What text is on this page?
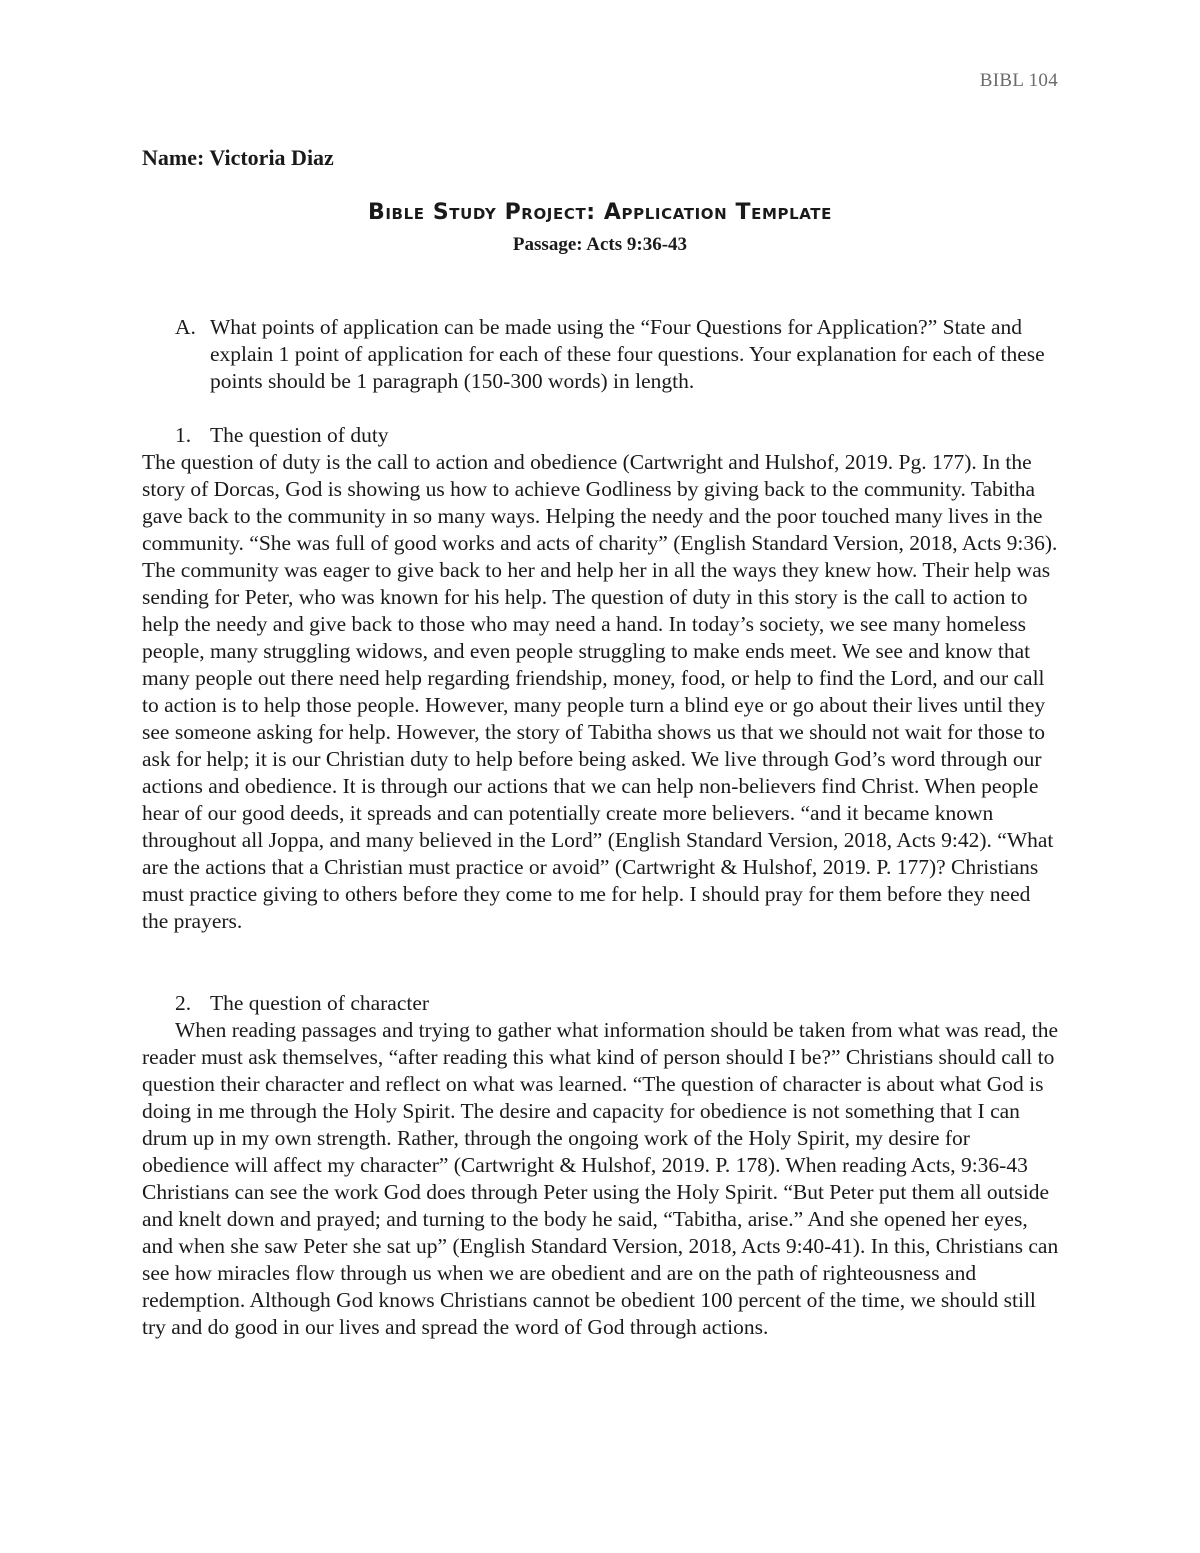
BIBL 104
Name: Victoria Diaz
Bible Study Project: Application Template
Passage: Acts 9:36-43
A. What points of application can be made using the “Four Questions for Application?” State and explain 1 point of application for each of these four questions. Your explanation for each of these points should be 1 paragraph (150-300 words) in length.
1. The question of duty

The question of duty is the call to action and obedience (Cartwright and Hulshof, 2019. Pg. 177). In the story of Dorcas, God is showing us how to achieve Godliness by giving back to the community. Tabitha gave back to the community in so many ways. Helping the needy and the poor touched many lives in the community. “She was full of good works and acts of charity” (English Standard Version, 2018, Acts 9:36). The community was eager to give back to her and help her in all the ways they knew how. Their help was sending for Peter, who was known for his help. The question of duty in this story is the call to action to help the needy and give back to those who may need a hand. In today’s society, we see many homeless people, many struggling widows, and even people struggling to make ends meet. We see and know that many people out there need help regarding friendship, money, food, or help to find the Lord, and our call to action is to help those people. However, many people turn a blind eye or go about their lives until they see someone asking for help. However, the story of Tabitha shows us that we should not wait for those to ask for help; it is our Christian duty to help before being asked. We live through God’s word through our actions and obedience. It is through our actions that we can help non-believers find Christ. When people hear of our good deeds, it spreads and can potentially create more believers. “and it became known throughout all Joppa, and many believed in the Lord” (English Standard Version, 2018, Acts 9:42). “What are the actions that a Christian must practice or avoid” (Cartwright & Hulshof, 2019. P. 177)? Christians must practice giving to others before they come to me for help. I should pray for them before they need the prayers.

2. The question of character

When reading passages and trying to gather what information should be taken from what was read, the reader must ask themselves, “after reading this what kind of person should I be?” Christians should call to question their character and reflect on what was learned. “The question of character is about what God is doing in me through the Holy Spirit. The desire and capacity for obedience is not something that I can drum up in my own strength. Rather, through the ongoing work of the Holy Spirit, my desire for obedience will affect my character” (Cartwright & Hulshof, 2019. P. 178). When reading Acts, 9:36-43 Christians can see the work God does through Peter using the Holy Spirit. “But Peter put them all outside and knelt down and prayed; and turning to the body he said, “Tabitha, arise.” And she opened her eyes, and when she saw Peter she sat up” (English Standard Version, 2018, Acts 9:40-41). In this, Christians can see how miracles flow through us when we are obedient and are on the path of righteousness and redemption. Although God knows Christians cannot be obedient 100 percent of the time, we should still try and do good in our lives and spread the word of God through actions.
